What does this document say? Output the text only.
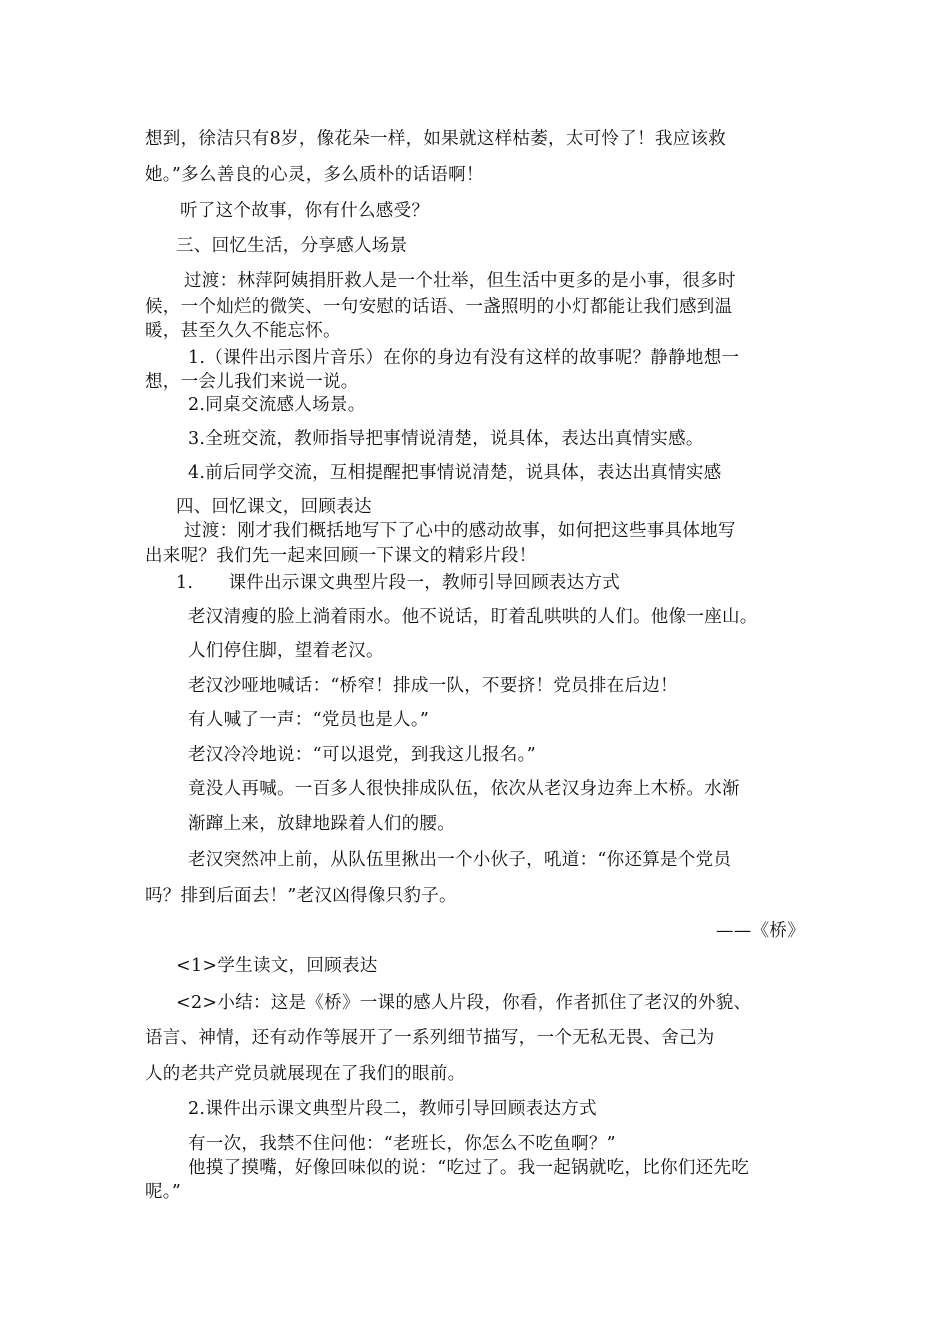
想到，徐洁只有8岁，像花朵一样，如果就这样枯萎，太可怜了！我应该救
她。”多么善良的心灵，多么质朴的话语啊！
听了这个故事，你有什么感受？
三、回忆生活，分享感人场景
过渡：林萍阿姨捐肝救人是一个壮举，但生活中更多的是小事，很多时
候，一个灿烂的微笑、一句安慰的话语、一盏照明的小灯都能让我们感到温
暖，甚至久久不能忘怀。
1.（课件出示图片音乐）在你的身边有没有这样的故事呢？静静地想一
想，一会儿我们来说一说。
2.同桌交流感人场景。
3.全班交流，教师指导把事情说清楚，说具体，表达出真情实感。
4.前后同学交流，互相提醒把事情说清楚，说具体，表达出真情实感
四、回忆课文，回顾表达
过渡：刚才我们概括地写下了心中的感动故事，如何把这些事具体地写
出来呢？我们先一起来回顾一下课文的精彩片段！
1.      课件出示课文典型片段一，教师引导回顾表达方式
老汉清瘦的脸上淌着雨水。他不说话，盯着乱哄哄的人们。他像一座山。
人们停住脚，望着老汉。
老汉沙哑地喊话：“桥窄！排成一队，不要挤！党员排在后边！
有人喊了一声：“党员也是人。”
老汉冷冷地说：“可以退党，到我这儿报名。”
竟没人再喊。一百多人很快排成队伍，依次从老汉身边奔上木桥。水渐
渐蹿上来，放肆地跺着人们的腰。
老汉突然冲上前，从队伍里揪出一个小伙子，吼道：“你还算是个党员
吗？排到后面去！”老汉凶得像只豹子。
——《桥》
<1>学生读文，回顾表达
<2>小结：这是《桥》一课的感人片段，你看，作者抓住了老汉的外貌、
语言、神情，还有动作等展开了一系列细节描写，一个无私无畏、舍己为
人的老共产党员就展现在了我们的眼前。
2.课件出示课文典型片段二，教师引导回顾表达方式
有一次，我禁不住问他：“老班长，你怎么不吃鱼啊？”
他摸了摸嘴，好像回味似的说：“吃过了。我一起锅就吃，比你们还先吃
呢。”
